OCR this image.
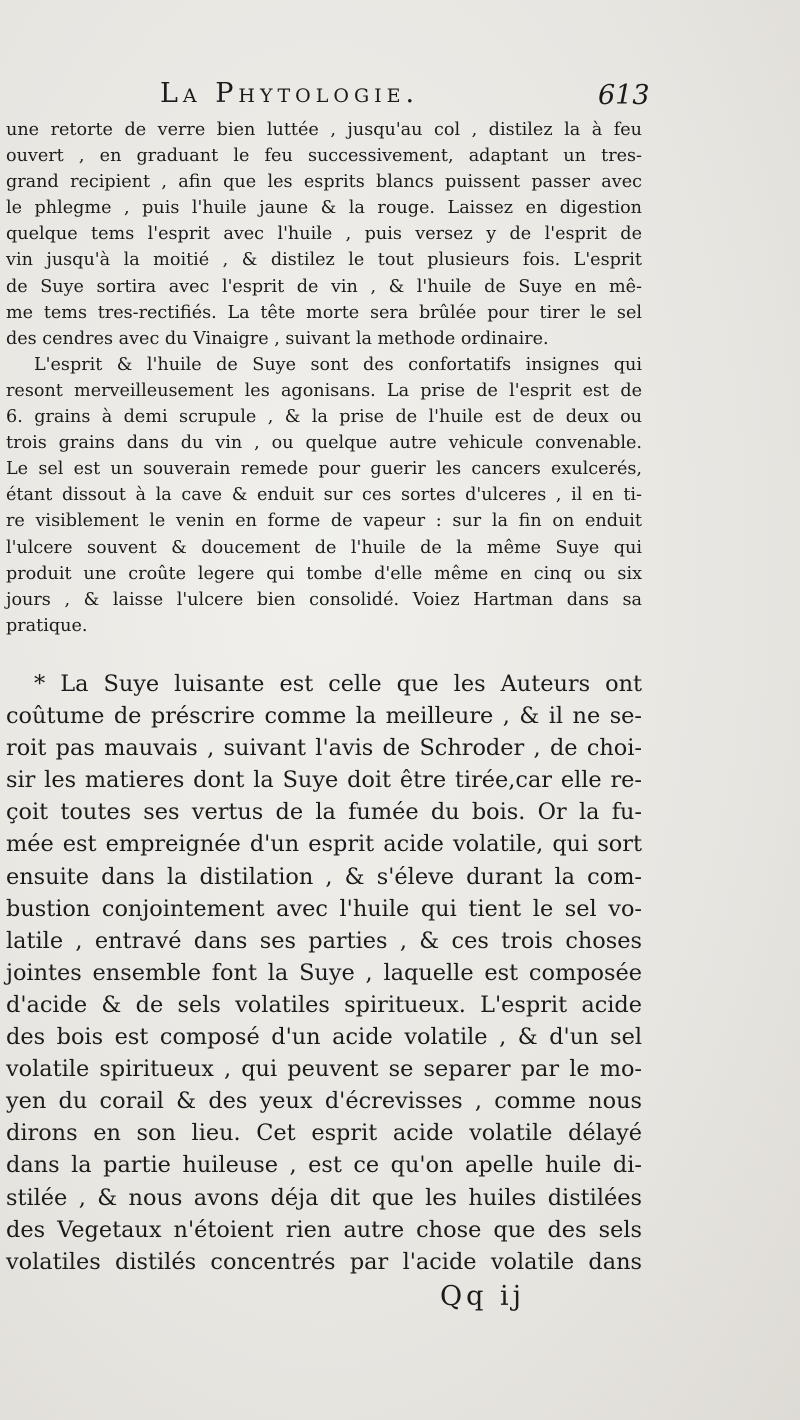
La Phytologie.	613
une retorte de verre bien luttée , jusqu'au col , distilez la à feu
ouvert , en graduant le feu successivement, adaptant un tres-
grand recipient , afin que les esprits blancs puissent passer avec
le phlegme , puis l'huile jaune & la rouge. Laissez en digestion
quelque tems l'esprit avec l'huile , puis versez y de l'esprit de
vin jusqu'à la moitié , & distilez le tout plusieurs fois. L'esprit
de Suye sortira avec l'esprit de vin , & l'huile de Suye en mê-
me tems tres-rectifiés. La tête morte sera brûlée pour tirer le sel
des cendres avec du Vinaigre , suivant la methode ordinaire.
L'esprit & l'huile de Suye sont des confortatifs insignes qui
resont merveilleusement les agonisans. La prise de l'esprit est de
6. grains à demi scrupule , & la prise de l'huile est de deux ou
trois grains dans du vin , ou quelque autre vehicule convenable.
Le sel est un souverain remede pour guerir les cancers exulcerés,
étant dissout à la cave & enduit sur ces sortes d'ulceres , il en ti-
re visiblement le venin en forme de vapeur : sur la fin on enduit
l'ulcere souvent & doucement de l'huile de la même Suye qui
produit une croûte legere qui tombe d'elle même en cinq ou six
jours , & laisse l'ulcere bien consolidé. Voiez Hartman dans sa
pratique.
* La Suye luisante est celle que les Auteurs ont
coûtume de préscrire comme la meilleure , & il ne se-
roit pas mauvais , suivant l'avis de Schroder , de choi-
sir les matieres dont la Suye doit être tirée,car elle re-
çoit toutes ses vertus de la fumée du bois. Or la fu-
mée est empreignée d'un esprit acide volatile, qui sort
ensuite dans la distilation , & s'éleve durant la com-
bustion conjointement avec l'huile qui tient le sel vo-
latile , entravé dans ses parties , & ces trois choses
jointes ensemble font la Suye , laquelle est composée
d'acide & de sels volatiles spiritueux. L'esprit acide
des bois est composé d'un acide volatile , & d'un sel
volatile spiritueux , qui peuvent se separer par le mo-
yen du corail & des yeux d'écrevisses , comme nous
dirons en son lieu. Cet esprit acide volatile délayé
dans la partie huileuse , est ce qu'on apelle huile di-
stilée , & nous avons déja dit que les huiles distilées
des Vegetaux n'étoient rien autre chose que des sels
volatiles distilés concentrés par l'acide volatile dans
Qq ij
